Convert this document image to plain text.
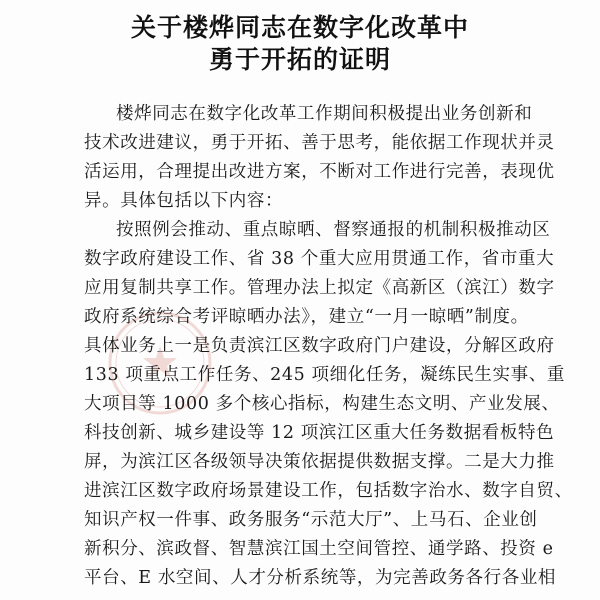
关于楼烨同志在数字化改革中
勇于开拓的证明

楼烨同志在数字化改革工作期间积极提出业务创新和

技术改进建议，勇于开拓、善于思考，能依据工作现状并灵

活运用，合理提出改进方案，不断对工作进行完善，表现优

异。具体包括以下内容：

按照例会推动、重点晾晒、督察通报的机制积极推动区

数字政府建设工作、省 38 个重大应用贯通工作，省市重大

应用复制共享工作。管理办法上拟定《高新区（滨江）数字

政府系统综合考评晾晒办法》，建立“一月一晾晒”制度。

具体业务上一是负责滨江区数字政府门户建设，分解区政府

133 项重点工作任务、245 项细化任务，凝练民生实事、重

大项目等 1000 多个核心指标，构建生态文明、产业发展、

科技创新、城乡建设等 12 项滨江区重大任务数据看板特色

屏，为滨江区各级领导决策依据提供数据支撑。二是大力推

进滨江区数字政府场景建设工作，包括数字治水、数字自贸、

知识产权一件事、政务服务“示范大厅”、上马石、企业创

新积分、滨政督、智慧滨江国土空间管控、通学路、投资 e

平台、E 水空间、人才分析系统等，为完善政务各行各业相
